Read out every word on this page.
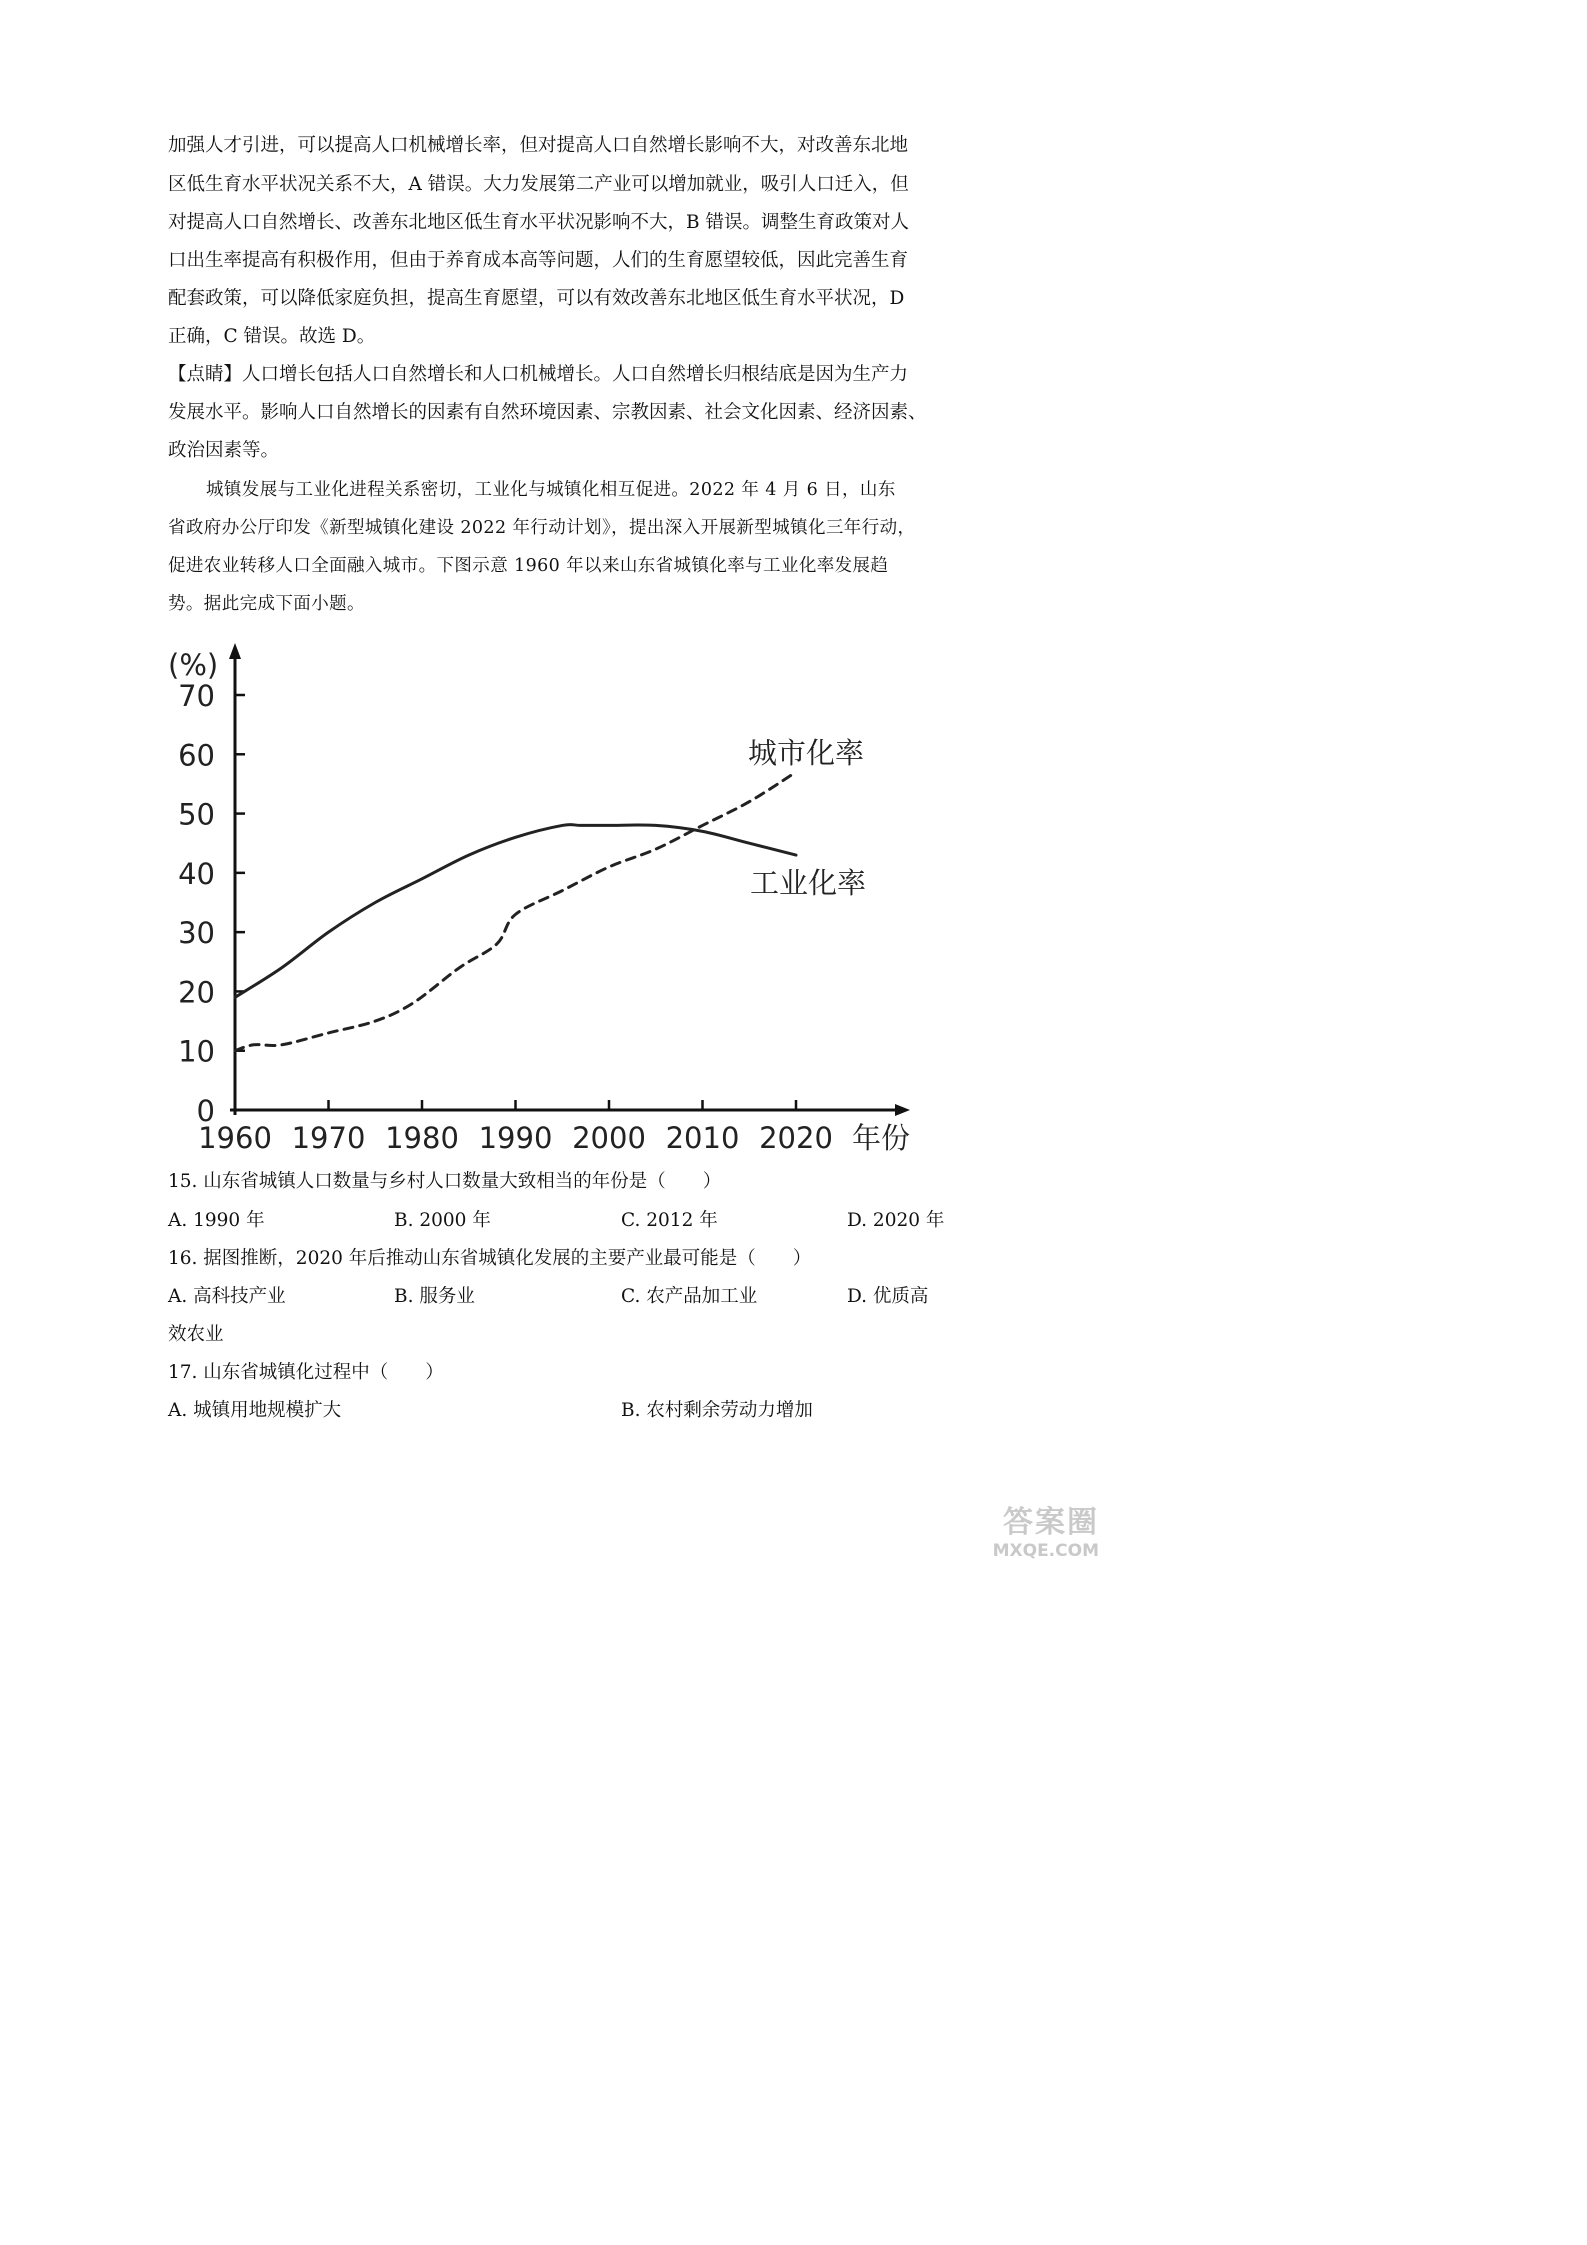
加强人才引进，可以提高人口机械增长率，但对提高人口自然增长影响不大，对改善东北地
区低生育水平状况关系不大，A 错误。大力发展第二产业可以增加就业，吸引人口迁入，但
对提高人口自然增长、改善东北地区低生育水平状况影响不大，B 错误。调整生育政策对人
口出生率提高有积极作用，但由于养育成本高等问题，人们的生育愿望较低，因此完善生育
配套政策，可以降低家庭负担，提高生育愿望，可以有效改善东北地区低生育水平状况，D
正确，C 错误。故选 D。
【点睛】人口增长包括人口自然增长和人口机械增长。人口自然增长归根结底是因为生产力
发展水平。影响人口自然增长的因素有自然环境因素、宗教因素、社会文化因素、经济因素、
政治因素等。
城镇发展与工业化进程关系密切，工业化与城镇化相互促进。2022 年 4 月 6 日，山东
省政府办公厅印发《新型城镇化建设 2022 年行动计划》，提出深入开展新型城镇化三年行动，
促进农业转移人口全面融入城市。下图示意 1960 年以来山东省城镇化率与工业化率发展趋
势。据此完成下面小题。
0
10
20
30
40
50
60
70
1960 1970 1980 1990 2000 2010 2020
(%)
年份
城市化率
工业化率
15. 山东省城镇人口数量与乡村人口数量大致相当的年份是（　　）
A. 1990 年	B. 2000 年	C. 2012 年	D. 2020 年
16. 据图推断，2020 年后推动山东省城镇化发展的主要产业最可能是（　　）
A. 高科技产业	B. 服务业	C. 农产品加工业	D. 优质高
效农业
17. 山东省城镇化过程中（　　）
A. 城镇用地规模扩大	B. 农村剩余劳动力增加
答案圈
MXQE.COM
